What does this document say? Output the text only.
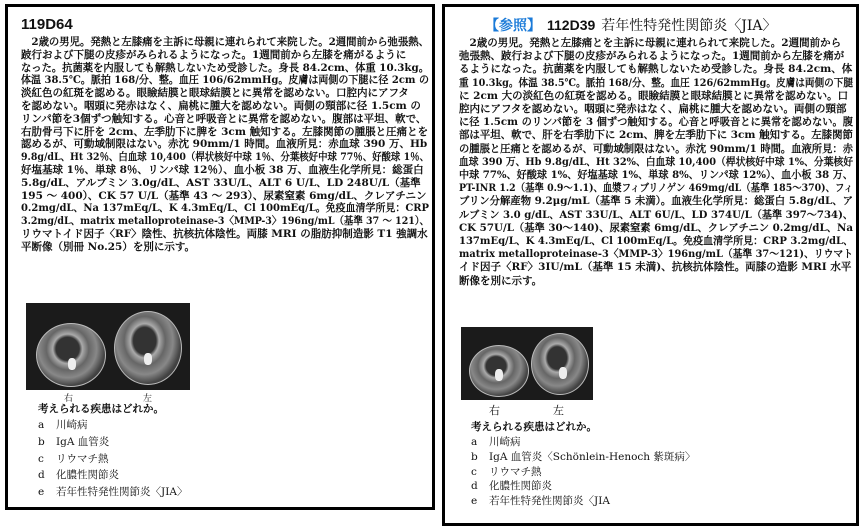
119D64
　2歳の男児。発熱と左膝痛を主訴に母親に連れられて来院した。2週間前から弛張熱、
跛行および下腿の皮疹がみられるようになった。1週間前から左膝を痛がるように
なった。抗菌薬を内服しても解熱しないため受診した。身長 84.2cm、体重 10.3kg。
体温 38.5℃。脈拍 168/分、整。血圧 106/62mmHg。皮膚は両側の下腿に径 2cm の
淡紅色の紅斑を認める。眼瞼結膜と眼球結膜とに異常を認めない。口腔内にアフタ
を認めない。咽頭に発赤はなく、扁桃に腫大を認めない。両側の頸部に径 1.5cm の
リンパ節を3個ずつ触知する。心音と呼吸音とに異常を認めない。腹部は平坦、軟で、
右肋骨弓下に肝を 2cm、左季肋下に脾を 3cm 触知する。左膝関節の腫脹と圧痛とを
認めるが、可動域制限はない。赤沈 90mm/1 時間。血液所見：赤血球 390 万、Hb
9.8g/dL、Ht 32％、白血球 10,400（桿状核好中球 1％、分葉核好中球 77％、好酸球 1％、
好塩基球 1％、単球 8％、リンパ球 12％）、血小板 38 万、血液生化学所見：総蛋白
5.8g/dL、アルブミン 3.0g/dL、AST 33U/L、ALT 6 U/L、LD 248U/L（基準
195 ～ 400）、CK 57 U/L（基準 43 ～ 293）、尿素窒素 6mg/dL、クレアチニン
0.2mg/dL、Na 137mEq/L、K 4.3mEq/L、Cl 100mEq/L。免疫血清学所見：CRP
3.2mg/dL、matrix metalloproteinase-3〈MMP-3〉196ng/mL（基準 37 ～ 121）、
リウマトイド因子〈RF〉陰性、抗核抗体陰性。両膝 MRI の脂肪抑制造影 T1 強調水
平断像（別冊 No.25）を別に示す。
右	左
考えられる疾患はどれか。
a 川崎病
b IgA 血管炎
c リウマチ熱
d 化膿性関節炎
e 若年性特発性関節炎〈JIA〉
【参照】 112D39 若年性特発性関節炎〈JIA〉
　2歳の男児。発熱と左膝痛とを主訴に母親に連れられて来院した。2週間前から
弛張熱、跛行および下腿の皮疹がみられるようになった。1週間前から左膝を痛が
るようになった。抗菌薬を内服しても解熱しないため受診した。身長 84.2cm、体
重 10.3kg。体温 38.5℃。脈拍 168/分、整。血圧 126/62mmHg。皮膚は両側の下腿
に 2cm 大の淡紅色の紅斑を認める。眼瞼結膜と眼球結膜とに異常を認めない。口
腔内にアフタを認めない。咽頭に発赤はなく、扁桃に腫大を認めない。両側の頸部
に径 1.5cm のリンパ節を 3 個ずつ触知する。心音と呼吸音とに異常を認めない。腹
部は平坦、軟で、肝を右季肋下に 2cm、脾を左季肋下に 3cm 触知する。左膝関節
の腫脹と圧痛とを認めるが、可動域制限はない。赤沈 90mm/1 時間。血液所見：赤
血球 390 万、Hb 9.8g/dL、Ht 32%、白血球 10,400（桿状核好中球 1%、分葉核好
中球 77%、好酸球 1%、好塩基球 1%、単球 8%、リンパ球 12%）、血小板 38 万、
PT-INR 1.2（基準 0.9～1.1)、血漿フィブリノゲン 469mg/dL（基準 185～370)、フィ
ブリン分解産物 9.2μg/mL（基準 5 未満）。血液生化学所見：総蛋白 5.8g/dL、ア
ルブミン 3.0 g/dL、AST 33U/L、ALT 6U/L、LD 374U/L（基準 397～734)、
CK 57U/L（基準 30～140)、尿素窒素 6mg/dL、クレアチニン 0.2mg/dL、Na
137mEq/L、K 4.3mEq/L、Cl 100mEq/L。免疫血清学所見：CRP 3.2mg/dL、
matrix metalloproteinase-3〈MMP-3〉196ng/mL（基準 37～121)、リウマト
イド因子〈RF〉3IU/mL（基準 15 未満)、抗核抗体陰性。両膝の造影 MRI 水平
断像を別に示す。
右	左
考えられる疾患はどれか。
a 川崎病
b IgA 血管炎〈Schönlein-Henoch 紫斑病〉
c リウマチ熱
d 化膿性関節炎
e 若年性特発性関節炎〈JIA
